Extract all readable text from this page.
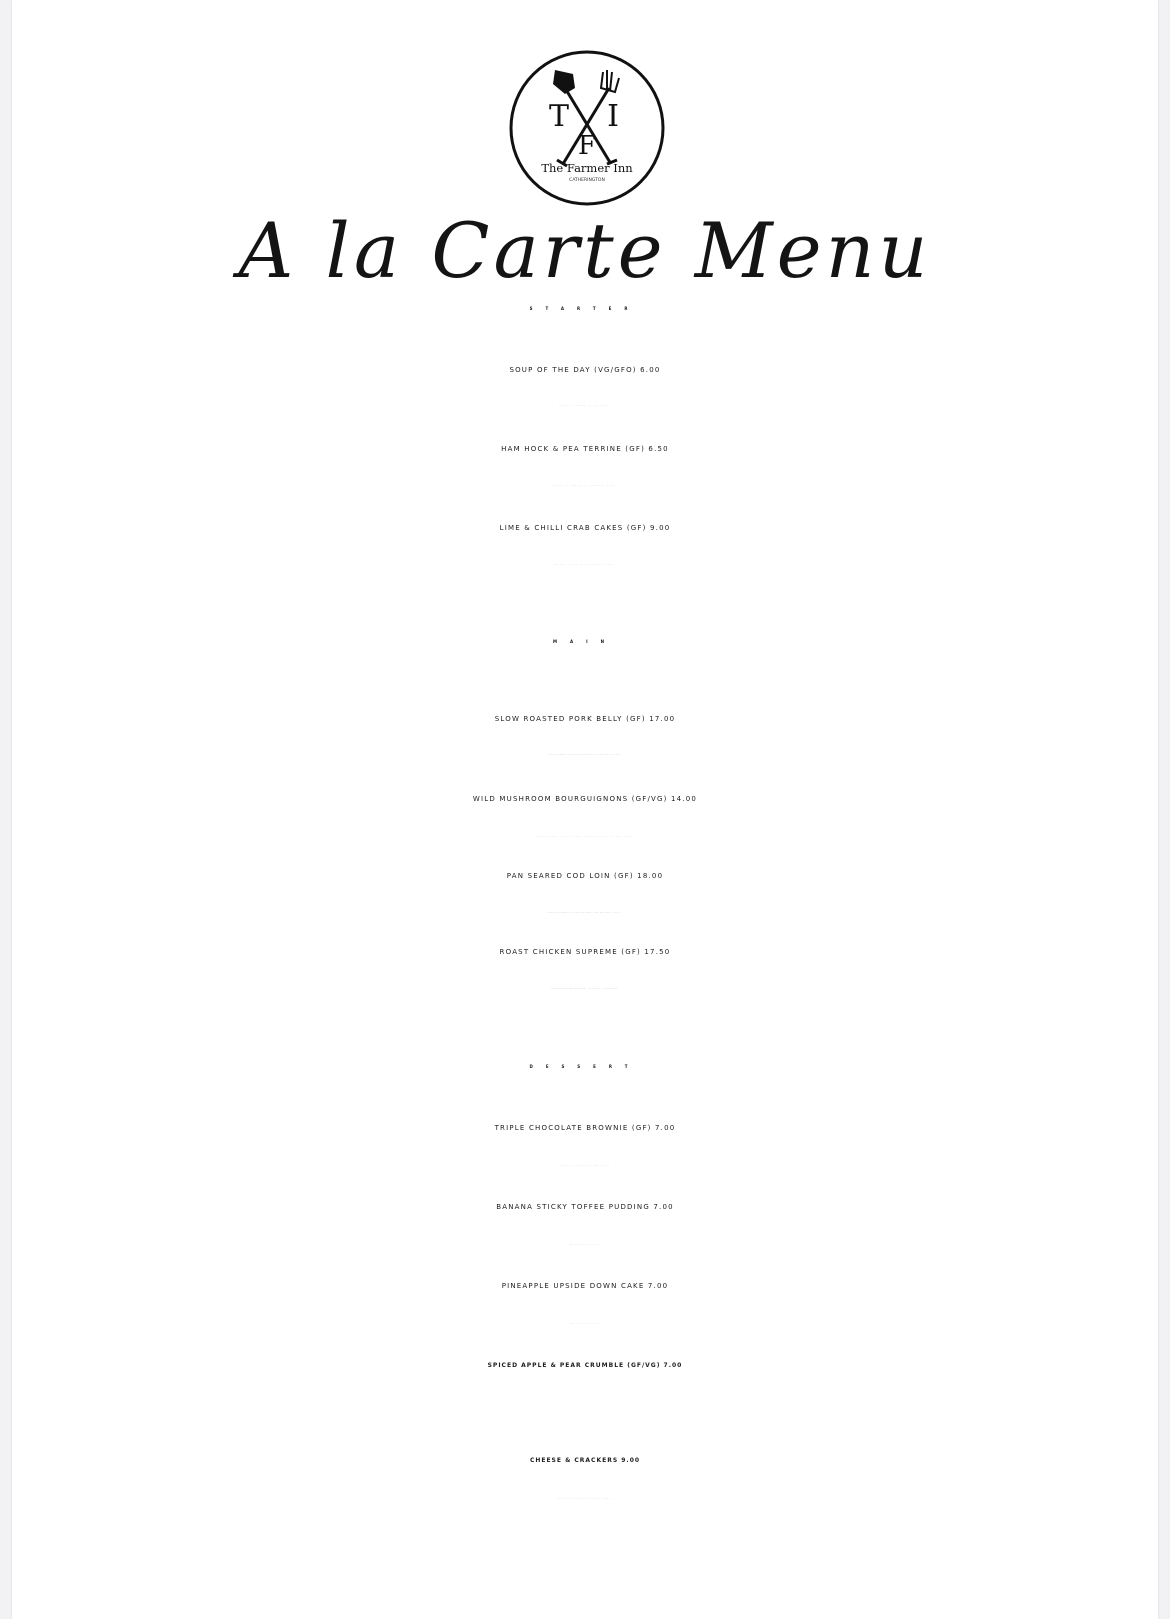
T I
F
The Farmer Inn
CATHERINGTON
A la Carte Menu
STARTER
SOUP OF THE DAY (VG/GFO) 6.00
HAM HOCK & PEA TERRINE (GF) 6.50
LIME & CHILLI CRAB CAKES (GF) 9.00
MAIN
SLOW ROASTED PORK BELLY (GF) 17.00
WILD MUSHROOM BOURGUIGNONS (GF/VG) 14.00
PAN SEARED COD LOIN (GF) 18.00
ROAST CHICKEN SUPREME (GF) 17.50
DESSERT
TRIPLE CHOCOLATE BROWNIE (GF) 7.00
BANANA STICKY TOFFEE PUDDING 7.00
PINEAPPLE UPSIDE DOWN CAKE 7.00
SPICED APPLE & PEAR CRUMBLE (GF/VG) 7.00
CHEESE & CRACKERS 9.00
